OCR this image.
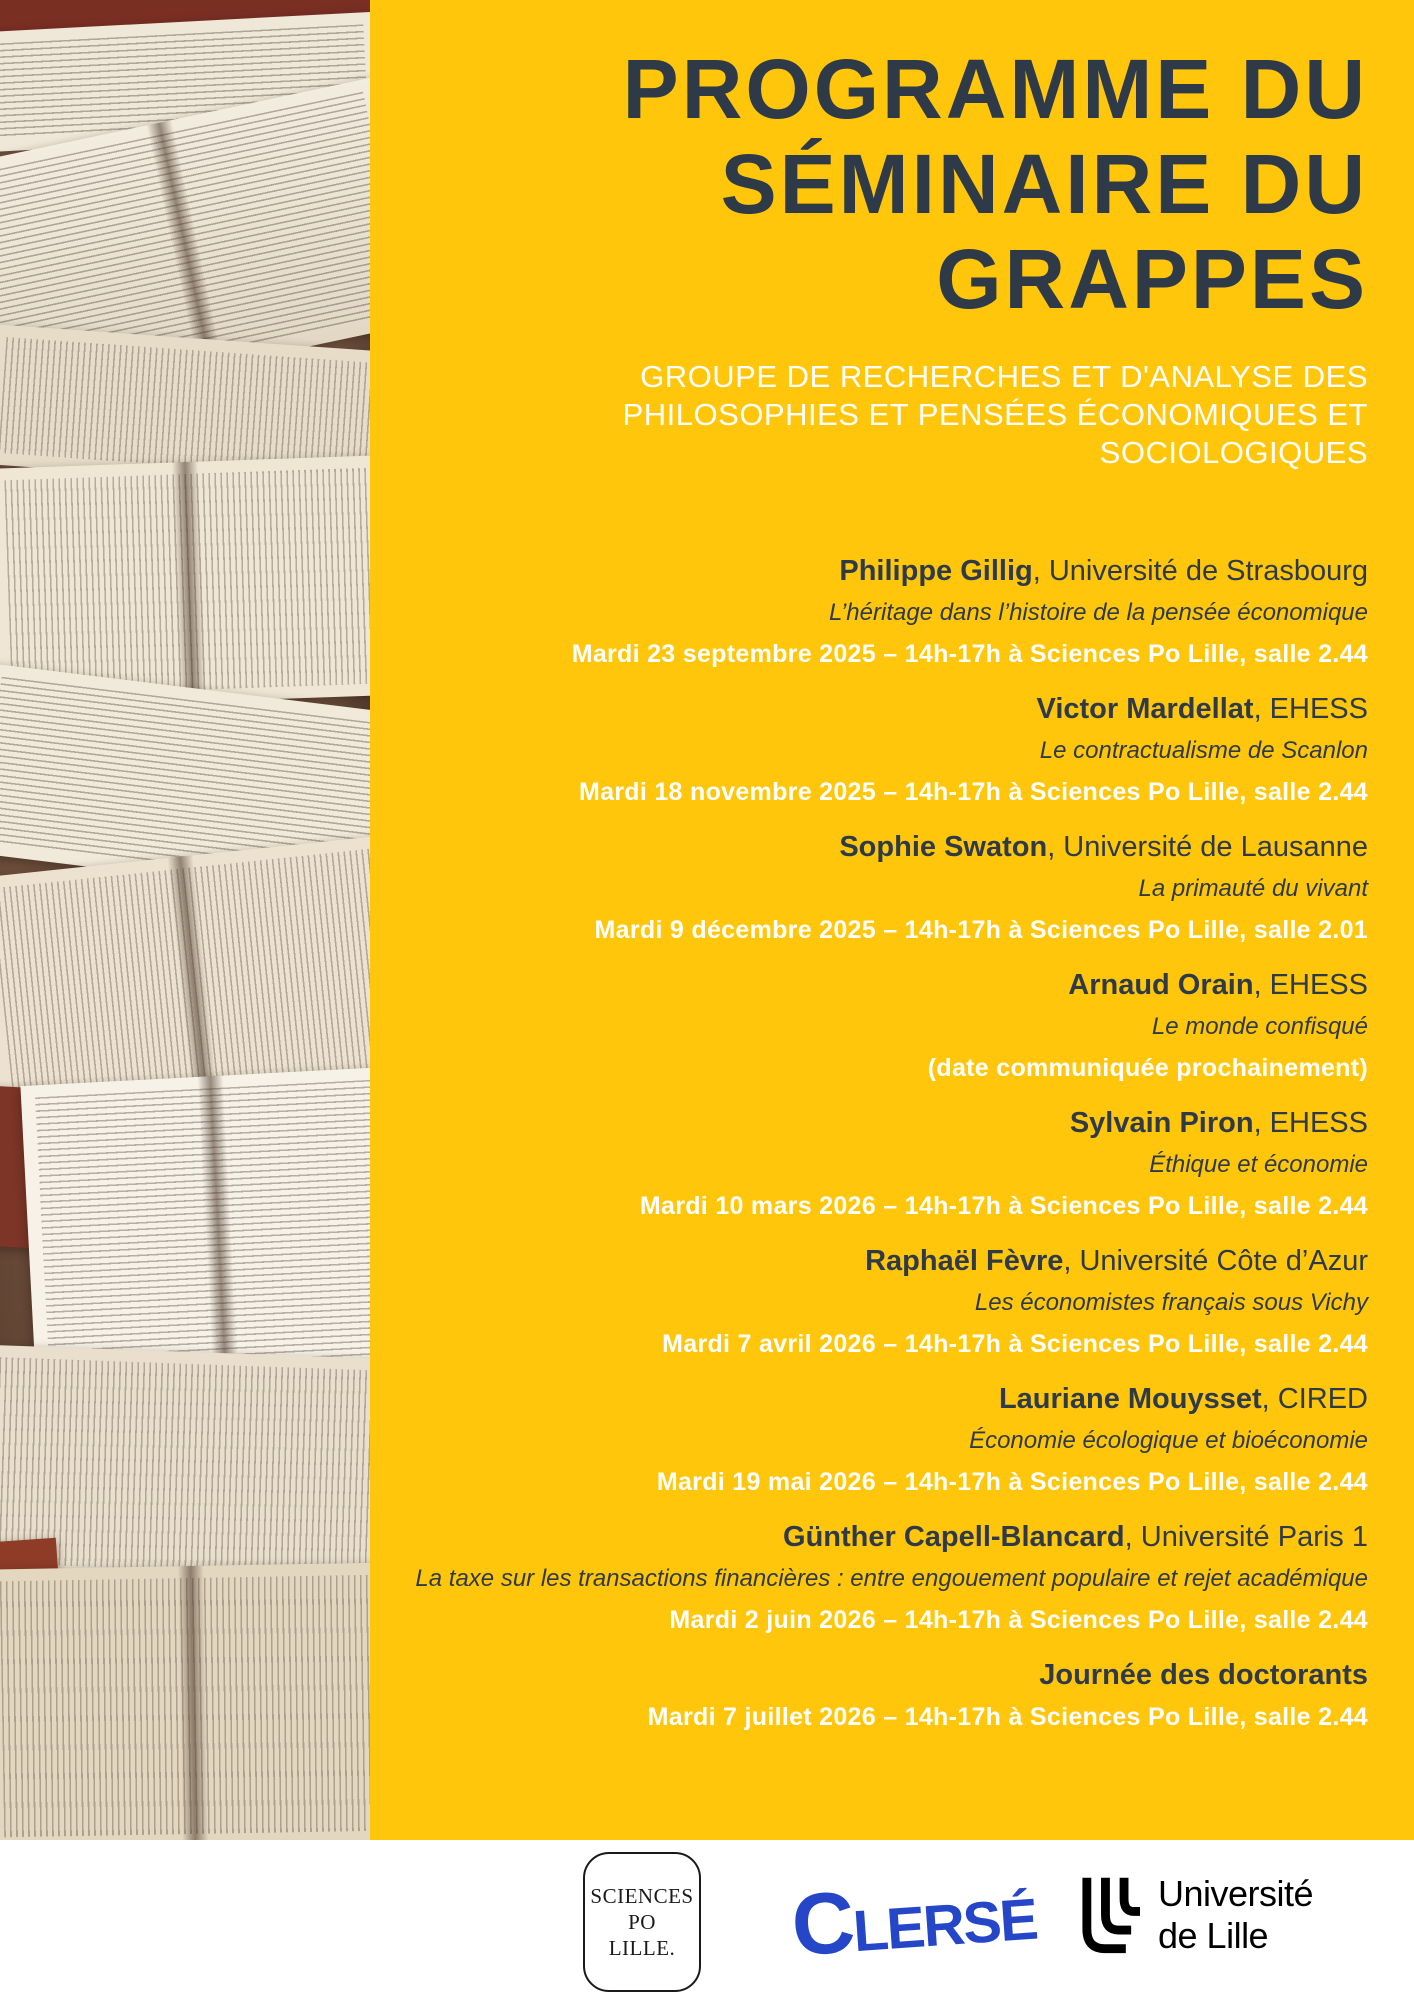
PROGRAMME DU
SÉMINAIRE DU
GRAPPES
GROUPE DE RECHERCHES ET D'ANALYSE DES
PHILOSOPHIES ET PENSÉES ÉCONOMIQUES ET
SOCIOLOGIQUES
Philippe Gillig, Université de Strasbourg
L’héritage dans l’histoire de la pensée économique
Mardi 23 septembre 2025 – 14h-17h à Sciences Po Lille, salle 2.44
Victor Mardellat, EHESS
Le contractualisme de Scanlon
Mardi 18 novembre 2025 – 14h-17h à Sciences Po Lille, salle 2.44
Sophie Swaton, Université de Lausanne
La primauté du vivant
Mardi 9 décembre 2025 – 14h-17h à Sciences Po Lille, salle 2.01
Arnaud Orain, EHESS
Le monde confisqué
(date communiquée prochainement)
Sylvain Piron, EHESS
Éthique et économie
Mardi 10 mars 2026 – 14h-17h à Sciences Po Lille, salle 2.44
Raphaël Fèvre, Université Côte d’Azur
Les économistes français sous Vichy
Mardi 7 avril 2026 – 14h-17h à Sciences Po Lille, salle 2.44
Lauriane Mouysset, CIRED
Économie écologique et bioéconomie
Mardi 19 mai 2026 – 14h-17h à Sciences Po Lille, salle 2.44
Günther Capell-Blancard, Université Paris 1
La taxe sur les transactions financières : entre engouement populaire et rejet académique
Mardi 2 juin 2026 – 14h-17h à Sciences Po Lille, salle 2.44
Journée des doctorants
Mardi 7 juillet 2026 – 14h-17h à Sciences Po Lille, salle 2.44
SCIENCES
PO
LILLE. CLERSÉ	Université
de Lille
